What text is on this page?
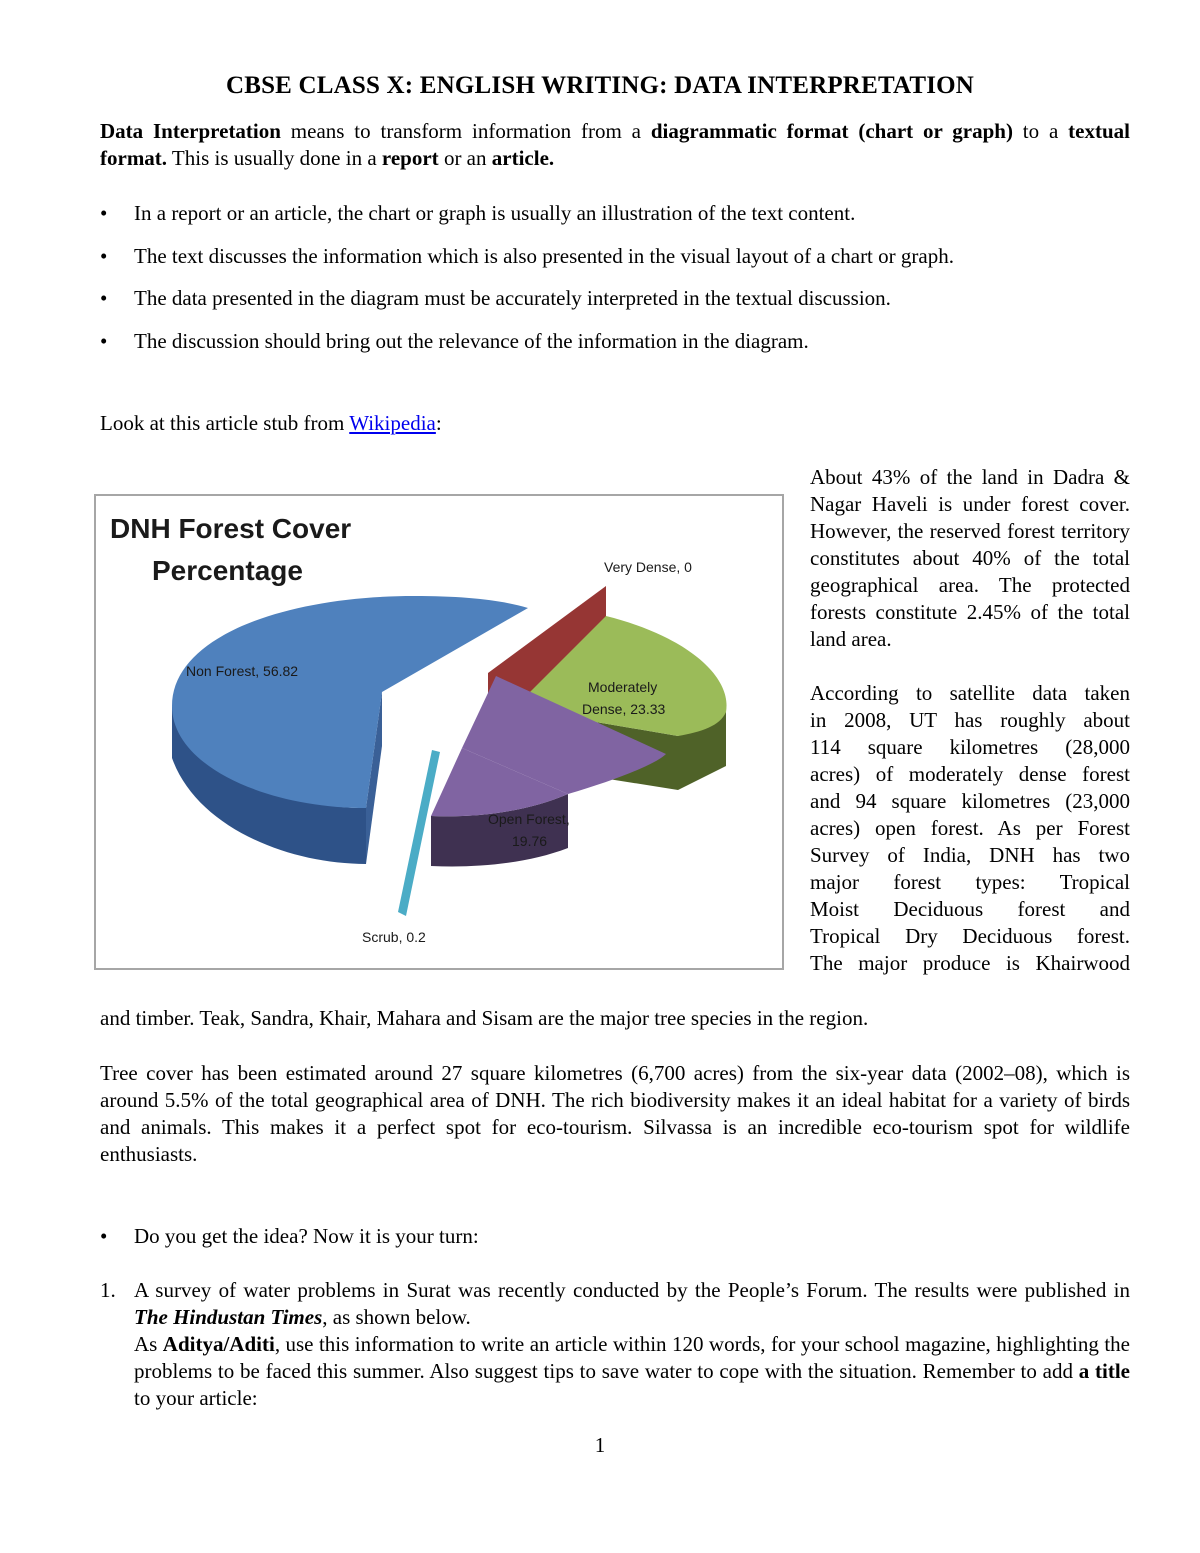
CBSE CLASS X: ENGLISH WRITING: DATA INTERPRETATION

Data Interpretation means to transform information from a diagrammatic format (chart or graph) to a textual format. This is usually done in a report or an article.

• In a report or an article, the chart or graph is usually an illustration of the text content.
• The text discusses the information which is also presented in the visual layout of a chart or graph.
• The data presented in the diagram must be accurately interpreted in the textual discussion.
• The discussion should bring out the relevance of the information in the diagram.

Look at this article stub from Wikipedia:

DNH Forest Cover
Percentage
Non Forest, 56.82
Very Dense, 0
Moderately
Dense, 23.33
Open Forest,
19.76
Scrub, 0.2

About 43% of the land in Dadra & Nagar Haveli is under forest cover. However, the reserved forest territory constitutes about 40% of the total geographical area. The protected forests constitute 2.45% of the total land area.

According to satellite data taken
in 2008, UT has roughly about
114 square kilometres (28,000
acres) of moderately dense forest
and 94 square kilometres (23,000
acres) open forest. As per Forest
Survey of India, DNH has two
major forest types: Tropical
Moist Deciduous forest and
Tropical Dry Deciduous forest.
The major produce is Khairwood

and timber. Teak, Sandra, Khair, Mahara and Sisam are the major tree species in the region.

Tree cover has been estimated around 27 square kilometres (6,700 acres) from the six-year data (2002–08), which is around 5.5% of the total geographical area of DNH. The rich biodiversity makes it an ideal habitat for a variety of birds and animals. This makes it a perfect spot for eco-tourism. Silvassa is an incredible eco-tourism spot for wildlife enthusiasts.

• Do you get the idea? Now it is your turn:
1. A survey of water problems in Surat was recently conducted by the People’s Forum. The results were published in The Hindustan Times, as shown below.
As Aditya/Aditi, use this information to write an article within 120 words, for your school magazine, highlighting the problems to be faced this summer. Also suggest tips to save water to cope with the situation. Remember to add a title to your article:
1
